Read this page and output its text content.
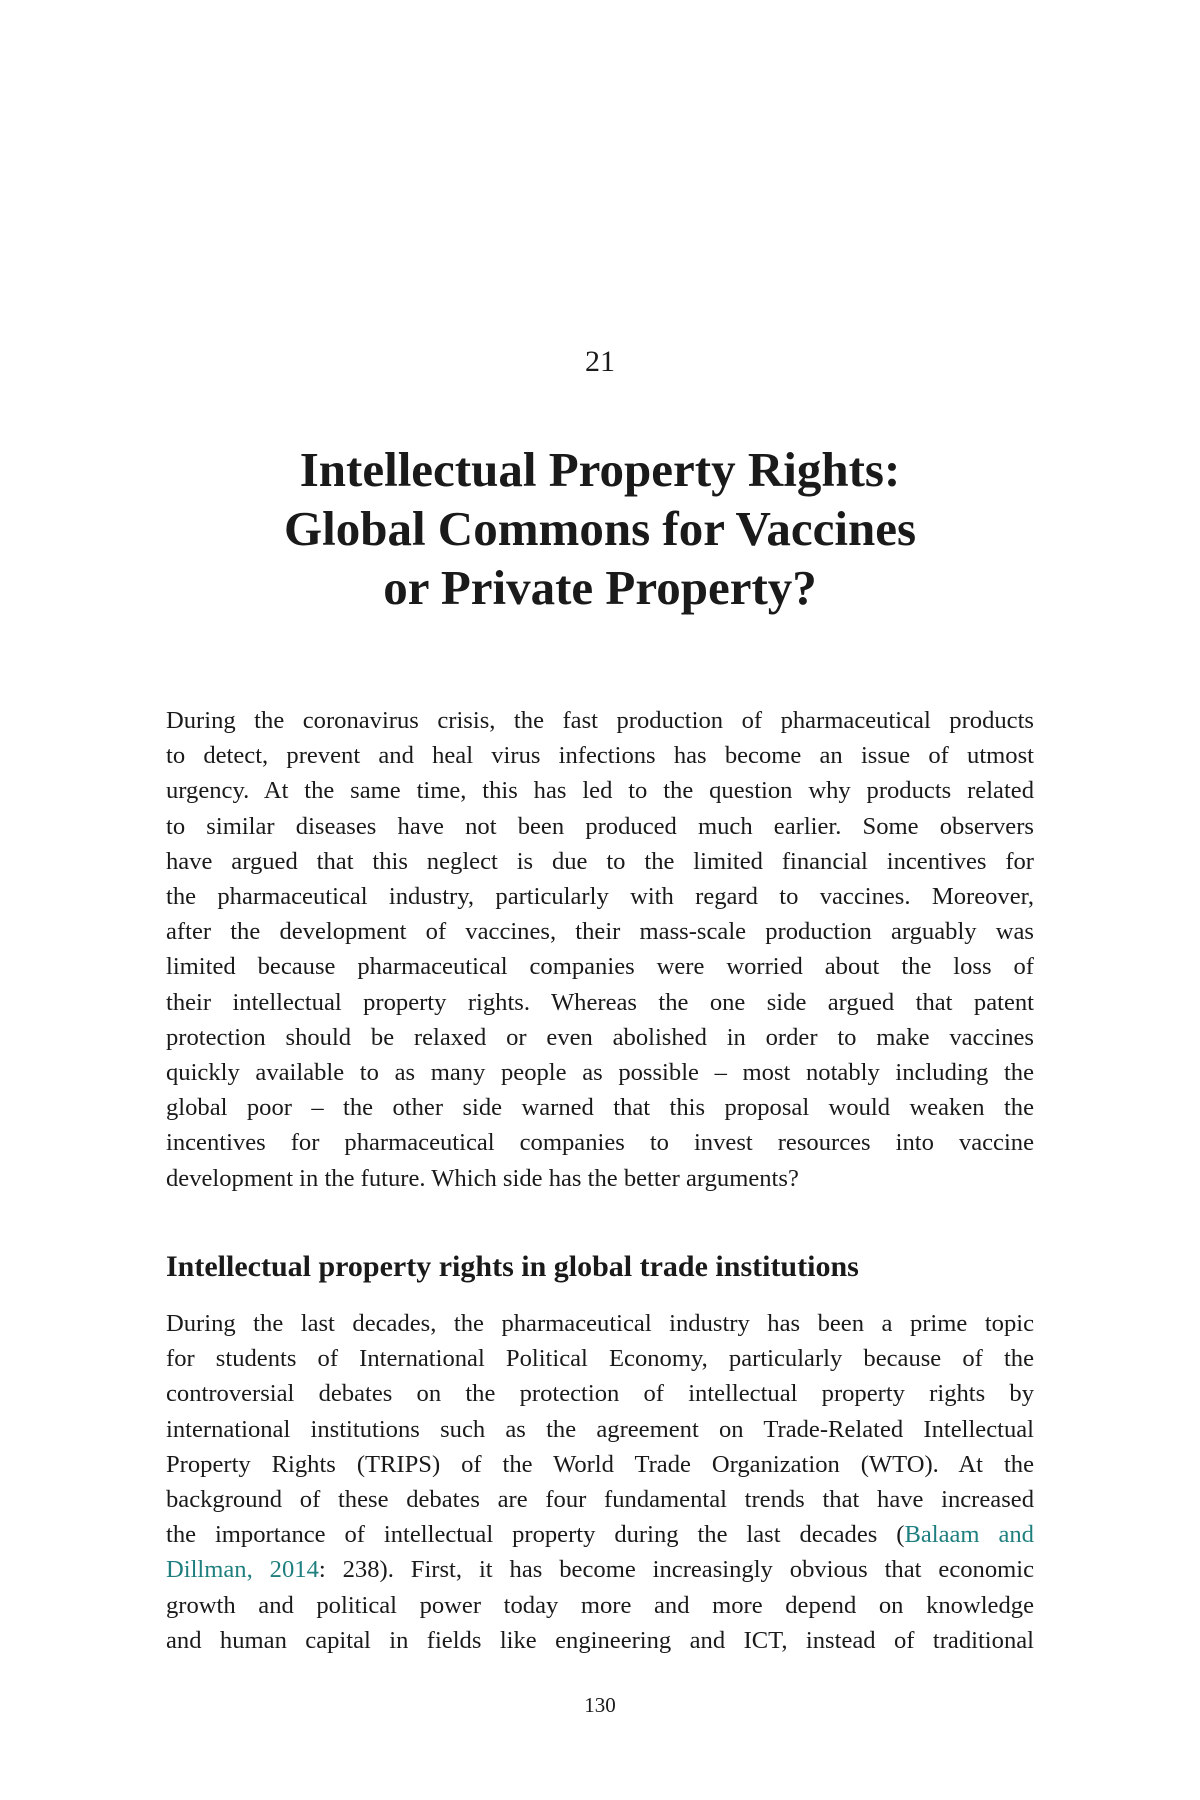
21
Intellectual Property Rights:
Global Commons for Vaccines
or Private Property?

During the coronavirus crisis, the fast production of pharmaceutical products
to detect, prevent and heal virus infections has become an issue of utmost
urgency. At the same time, this has led to the question why products related
to similar diseases have not been produced much earlier. Some observers
have argued that this neglect is due to the limited financial incentives for
the pharmaceutical industry, particularly with regard to vaccines. Moreover,
after the development of vaccines, their mass-scale production arguably was
limited because pharmaceutical companies were worried about the loss of
their intellectual property rights. Whereas the one side argued that patent
protection should be relaxed or even abolished in order to make vaccines
quickly available to as many people as possible – most notably including the
global poor – the other side warned that this proposal would weaken the
incentives for pharmaceutical companies to invest resources into vaccine
development in the future. Which side has the better arguments?

Intellectual property rights in global trade institutions

During the last decades, the pharmaceutical industry has been a prime topic
for students of International Political Economy, particularly because of the
controversial debates on the protection of intellectual property rights by
international institutions such as the agreement on Trade-Related Intellectual
Property Rights (TRIPS) of the World Trade Organization (WTO). At the
background of these debates are four fundamental trends that have increased
the importance of intellectual property during the last decades (Balaam and
Dillman, 2014: 238). First, it has become increasingly obvious that economic
growth and political power today more and more depend on knowledge
and human capital in fields like engineering and ICT, instead of traditional

130
